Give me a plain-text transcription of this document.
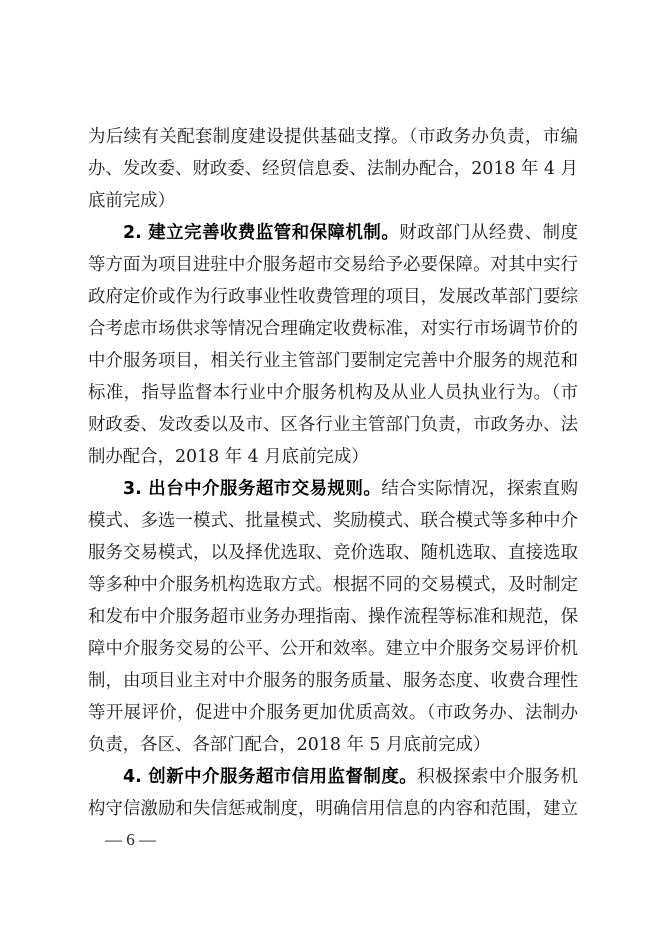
为后续有关配套制度建设提供基础支撑。（市政务办负责，市编
办、发改委、财政委、经贸信息委、法制办配合，2018 年 4 月
底前完成）
2. 建立完善收费监管和保障机制。财政部门从经费、制度
等方面为项目进驻中介服务超市交易给予必要保障。对其中实行
政府定价或作为行政事业性收费管理的项目，发展改革部门要综
合考虑市场供求等情况合理确定收费标准，对实行市场调节价的
中介服务项目，相关行业主管部门要制定完善中介服务的规范和
标准，指导监督本行业中介服务机构及从业人员执业行为。（市
财政委、发改委以及市、区各行业主管部门负责，市政务办、法
制办配合，2018 年 4 月底前完成）
3. 出台中介服务超市交易规则。结合实际情况，探索直购
模式、多选一模式、批量模式、奖励模式、联合模式等多种中介
服务交易模式，以及择优选取、竞价选取、随机选取、直接选取
等多种中介服务机构选取方式。根据不同的交易模式，及时制定
和发布中介服务超市业务办理指南、操作流程等标准和规范，保
障中介服务交易的公平、公开和效率。建立中介服务交易评价机
制，由项目业主对中介服务的服务质量、服务态度、收费合理性
等开展评价，促进中介服务更加优质高效。（市政务办、法制办
负责，各区、各部门配合，2018 年 5 月底前完成）
4. 创新中介服务超市信用监督制度。积极探索中介服务机
构守信激励和失信惩戒制度，明确信用信息的内容和范围，建立
— 6 —
